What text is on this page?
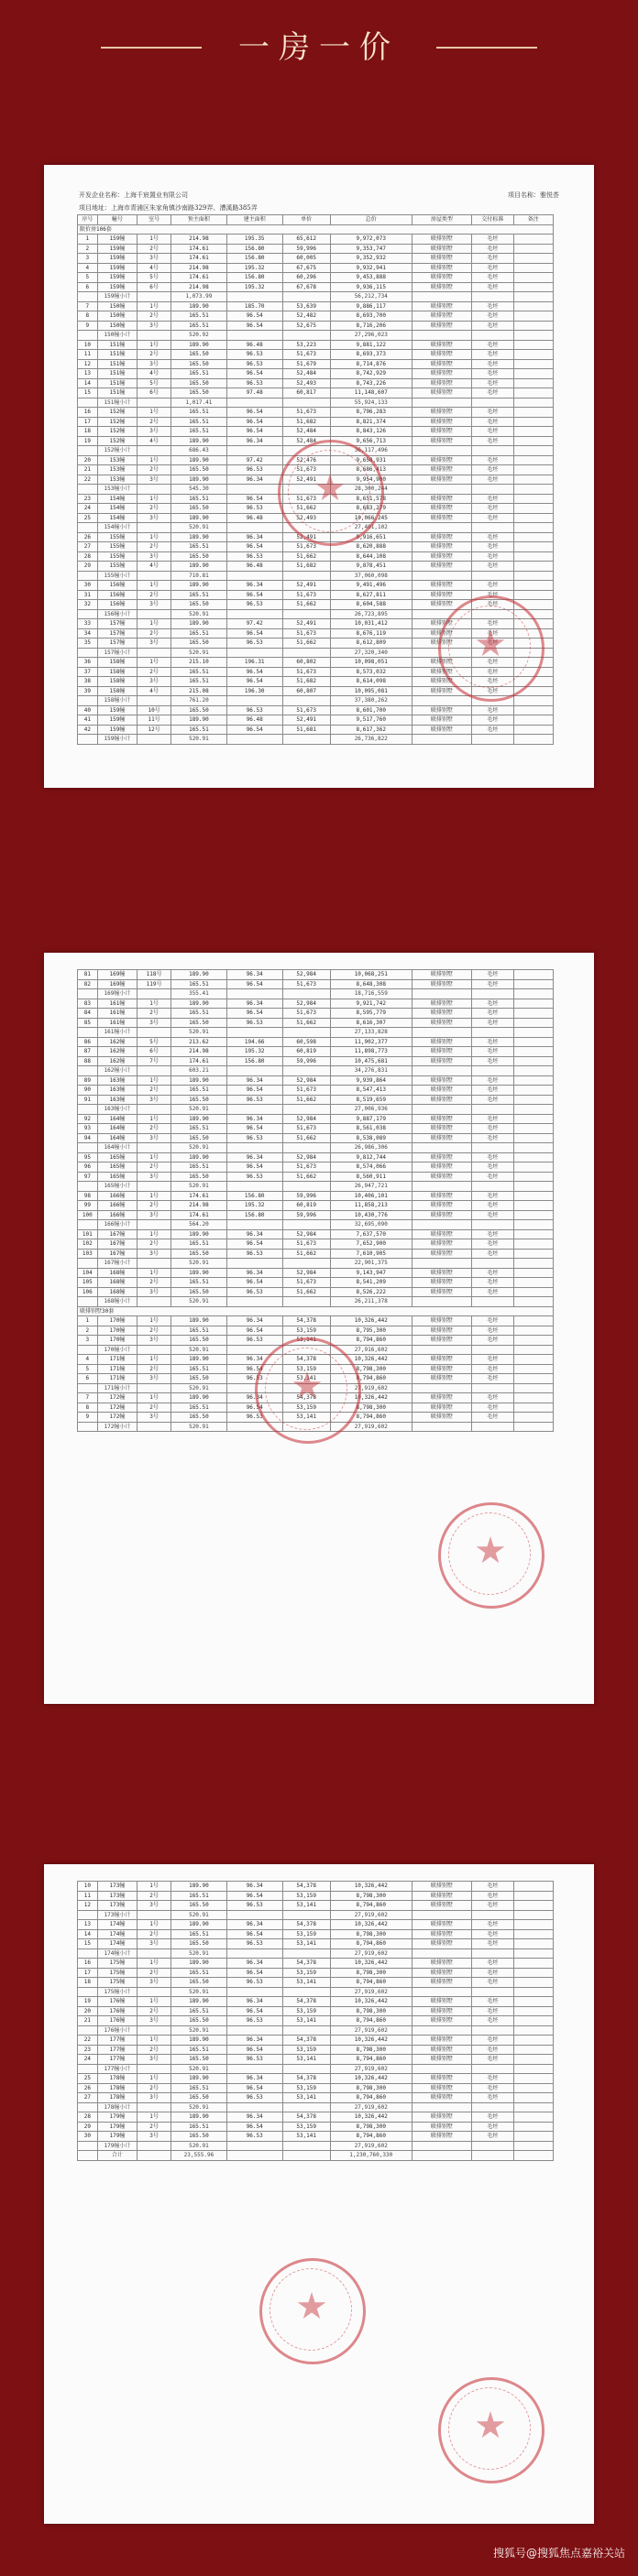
一房一价
开发企业名称：上海千宸置业有限公司	项目名称：雅悦荟
项目地址：上海市青浦区朱家角镇沙南路329弄、漕溪路385弄
序号	幢号	室号	预主面积	建主面积	单价	总价	房屋类型	交付标准	备注
限价房106套									
1	159幢	1号	214.98	195.35	65,612	9,972,073	联排别墅	毛坯	
2	159幢	2号	174.61	156.80	59,996	9,353,747	联排别墅	毛坯	
3	159幢	3号	174.61	156.80	60,005	9,352,932	联排别墅	毛坯	
4	159幢	4号	214.98	195.32	67,675	9,932,941	联排别墅	毛坯	
5	159幢	5号	174.61	156.80	60,296	9,453,888	联排别墅	毛坯	
6	159幢	6号	214.98	195.32	67,678	9,936,115	联排别墅	毛坯	
	159幢小计		1,073.99			56,212,734			
7	150幢	1号	189.90	185.70	53,639	9,886,117	联排别墅	毛坯	
8	150幢	2号	165.51	96.54	52,482	8,693,700	联排别墅	毛坯	
9	150幢	3号	165.51	96.54	52,675	8,716,206	联排别墅	毛坯	
	150幢小计		520.92			27,296,023			
10	151幢	1号	189.90	96.48	53,223	9,881,122	联排别墅	毛坯	
11	151幢	2号	165.50	96.53	51,673	8,693,373	联排别墅	毛坯	
12	151幢	3号	165.50	96.53	51,679	8,714,876	联排别墅	毛坯	
13	151幢	4号	165.51	96.54	52,484	8,742,929	联排别墅	毛坯	
14	151幢	5号	165.50	96.53	52,493	8,743,226	联排别墅	毛坯	
15	151幢	6号	165.50	97.48	60,817	11,148,607	联排别墅	毛坯	
	151幢小计		1,017.41			55,924,133			
16	152幢	1号	165.51	96.54	51,673	8,796,283	联排别墅	毛坯	
17	152幢	2号	165.51	96.54	51,682	8,821,374	联排别墅	毛坯	
18	152幢	3号	165.51	96.54	52,484	8,843,126	联排别墅	毛坯	
19	152幢	4号	189.90	96.34	52,484	9,656,713	联排别墅	毛坯	
	152幢小计		686.43			36,117,496			
20	153幢	1号	189.90	97.42	52,476	9,658,931	联排别墅	毛坯	
21	153幢	2号	165.50	96.53	51,673	8,686,413	联排别墅	毛坯	
22	153幢	3号	189.90	96.34	52,491	9,954,900	联排别墅	毛坯	
	153幢小计		545.30			28,300,244			
23	154幢	1号	165.51	96.54	51,673	8,651,578	联排别墅	毛坯	
24	154幢	2号	165.50	96.53	51,662	8,683,279	联排别墅	毛坯	
25	154幢	3号	189.90	96.48	52,493	10,066,245	联排别墅	毛坯	
	154幢小计		520.91			27,401,102			
26	155幢	1号	189.90	96.34	52,491	9,916,651	联排别墅	毛坯	
27	155幢	2号	165.51	96.54	51,673	8,620,888	联排别墅	毛坯	
28	155幢	3号	165.50	96.53	51,662	8,644,108	联排别墅	毛坯	
29	155幢	4号	189.90	96.48	51,682	9,878,451	联排别墅	毛坯	
	155幢小计		710.81			37,060,098			
30	156幢	1号	189.90	96.34	52,491	9,491,496	联排别墅	毛坯	
31	156幢	2号	165.51	96.54	51,673	8,627,811	联排别墅	毛坯	
32	156幢	3号	165.50	96.53	51,662	8,604,588	联排别墅	毛坯	
	156幢小计		520.91			26,723,895			
33	157幢	1号	189.90	97.42	52,491	10,031,412	联排别墅	毛坯	
34	157幢	2号	165.51	96.54	51,673	8,676,119	联排别墅	毛坯	
35	157幢	3号	165.50	96.53	51,662	8,612,809	联排别墅	毛坯	
	157幢小计		520.91			27,320,340			
36	158幢	1号	215.10	196.31	60,802	10,098,051	联排别墅	毛坯	
37	158幢	2号	165.51	96.54	51,673	8,573,032	联排别墅	毛坯	
38	158幢	3号	165.51	96.54	51,682	8,614,098	联排别墅	毛坯	
39	158幢	4号	215.08	196.30	60,807	10,095,081	联排别墅	毛坯	
	158幢小计		761.20			37,380,262			
40	159幢	10号	165.50	96.53	51,673	8,601,700	联排别墅	毛坯	
41	159幢	11号	189.90	96.48	52,491	9,517,760	联排别墅	毛坯	
42	159幢	12号	165.51	96.54	51,681	8,617,362	联排别墅	毛坯	
	159幢小计		520.91			26,736,822			
81	169幢	118号	189.90	96.34	52,984	10,068,251	联排别墅	毛坯	
82	169幢	119号	165.51	96.54	51,673	8,648,308	联排别墅	毛坯	
	169幢小计		355.41			18,716,559			
83	161幢	1号	189.90	96.34	52,984	9,921,742	联排别墅	毛坯	
84	161幢	2号	165.51	96.54	51,673	8,595,779	联排别墅	毛坯	
85	161幢	3号	165.50	96.53	51,662	8,616,307	联排别墅	毛坯	
	161幢小计		520.91			27,133,828			
86	162幢	5号	213.62	194.66	60,598	11,902,377	联排别墅	毛坯	
87	162幢	6号	214.98	195.32	60,819	11,898,773	联排别墅	毛坯	
88	162幢	7号	174.61	156.80	59,996	10,475,681	联排别墅	毛坯	
	162幢小计		603.21			34,276,831			
89	163幢	1号	189.90	96.34	52,984	9,939,864	联排别墅	毛坯	
90	163幢	2号	165.51	96.54	51,673	8,547,413	联排别墅	毛坯	
91	163幢	3号	165.50	96.53	51,662	8,519,659	联排别墅	毛坯	
	163幢小计		520.91			27,006,936			
92	164幢	1号	189.90	96.34	52,984	9,887,179	联排别墅	毛坯	
93	164幢	2号	165.51	96.54	51,673	8,561,038	联排别墅	毛坯	
94	164幢	3号	165.50	96.53	51,662	8,538,089	联排别墅	毛坯	
	164幢小计		520.91			26,986,306			
95	165幢	1号	189.90	96.34	52,984	9,812,744	联排别墅	毛坯	
96	165幢	2号	165.51	96.54	51,673	8,574,066	联排别墅	毛坯	
97	165幢	3号	165.50	96.53	51,662	8,560,911	联排别墅	毛坯	
	165幢小计		520.91			26,947,721			
98	166幢	1号	174.61	156.80	59,996	10,406,101	联排别墅	毛坯	
99	166幢	2号	214.98	195.32	60,819	11,858,213	联排别墅	毛坯	
100	166幢	3号	174.61	156.80	59,996	10,430,776	联排别墅	毛坯	
	166幢小计		564.20			32,695,090			
101	167幢	1号	189.90	96.34	52,984	7,637,570	联排别墅	毛坯	
102	167幢	2号	165.51	96.54	51,673	7,652,900	联排别墅	毛坯	
103	167幢	3号	165.50	96.53	51,662	7,610,905	联排别墅	毛坯	
	167幢小计		520.91			22,901,375			
104	168幢	1号	189.90	96.34	52,984	9,143,947	联排别墅	毛坯	
105	168幢	2号	165.51	96.54	51,673	8,541,209	联排别墅	毛坯	
106	168幢	3号	165.50	96.53	51,662	8,526,222	联排别墅	毛坯	
	168幢小计		520.91			26,211,378			
联排别墅30套									
1	170幢	1号	189.90	96.34	54,378	10,326,442	联排别墅	毛坯	
2	170幢	2号	165.51	96.54	53,159	8,795,300	联排别墅	毛坯	
3	170幢	3号	165.50	96.53	53,141	8,794,860	联排别墅	毛坯	
	170幢小计		520.91			27,916,602			
4	171幢	1号	189.90	96.34	54,378	10,326,442	联排别墅	毛坯	
5	171幢	2号	165.51	96.54	53,159	8,798,300	联排别墅	毛坯	
6	171幢	3号	165.50	96.53	53,141	8,794,860	联排别墅	毛坯	
	171幢小计		520.91			27,919,602			
7	172幢	1号	189.90	96.34	54,378	10,326,442	联排别墅	毛坯	
8	172幢	2号	165.51	96.54	53,159	8,798,300	联排别墅	毛坯	
9	172幢	3号	165.50	96.53	53,141	8,794,860	联排别墅	毛坯	
	172幢小计		520.91			27,919,602			
10	173幢	1号	189.90	96.34	54,378	10,326,442	联排别墅	毛坯	
11	173幢	2号	165.51	96.54	53,159	8,798,300	联排别墅	毛坯	
12	173幢	3号	165.50	96.53	53,141	8,794,860	联排别墅	毛坯	
	173幢小计		520.91			27,919,602			
13	174幢	1号	189.90	96.34	54,378	10,326,442	联排别墅	毛坯	
14	174幢	2号	165.51	96.54	53,159	8,798,300	联排别墅	毛坯	
15	174幢	3号	165.50	96.53	53,141	8,794,860	联排别墅	毛坯	
	174幢小计		520.91			27,919,602			
16	175幢	1号	189.90	96.34	54,378	10,326,442	联排别墅	毛坯	
17	175幢	2号	165.51	96.54	53,159	8,798,300	联排别墅	毛坯	
18	175幢	3号	165.50	96.53	53,141	8,794,860	联排别墅	毛坯	
	175幢小计		520.91			27,919,602			
19	176幢	1号	189.90	96.34	54,378	10,326,442	联排别墅	毛坯	
20	176幢	2号	165.51	96.54	53,159	8,798,300	联排别墅	毛坯	
21	176幢	3号	165.50	96.53	53,141	8,794,860	联排别墅	毛坯	
	176幢小计		520.91			27,919,602			
22	177幢	1号	189.90	96.34	54,378	10,326,442	联排别墅	毛坯	
23	177幢	2号	165.51	96.54	53,159	8,798,300	联排别墅	毛坯	
24	177幢	3号	165.50	96.53	53,141	8,794,860	联排别墅	毛坯	
	177幢小计		520.91			27,919,602			
25	178幢	1号	189.90	96.34	54,378	10,326,442	联排别墅	毛坯	
26	178幢	2号	165.51	96.54	53,159	8,798,300	联排别墅	毛坯	
27	178幢	3号	165.50	96.53	53,141	8,794,860	联排别墅	毛坯	
	178幢小计		520.91			27,919,602			
28	179幢	1号	189.90	96.34	54,378	10,326,442	联排别墅	毛坯	
29	179幢	2号	165.51	96.54	53,159	8,798,300	联排别墅	毛坯	
30	179幢	3号	165.50	96.53	53,141	8,794,860	联排别墅	毛坯	
	179幢小计		520.91			27,919,602			
	合计		23,555.96			1,230,760,330			
搜狐号@搜狐焦点嘉裕关站
